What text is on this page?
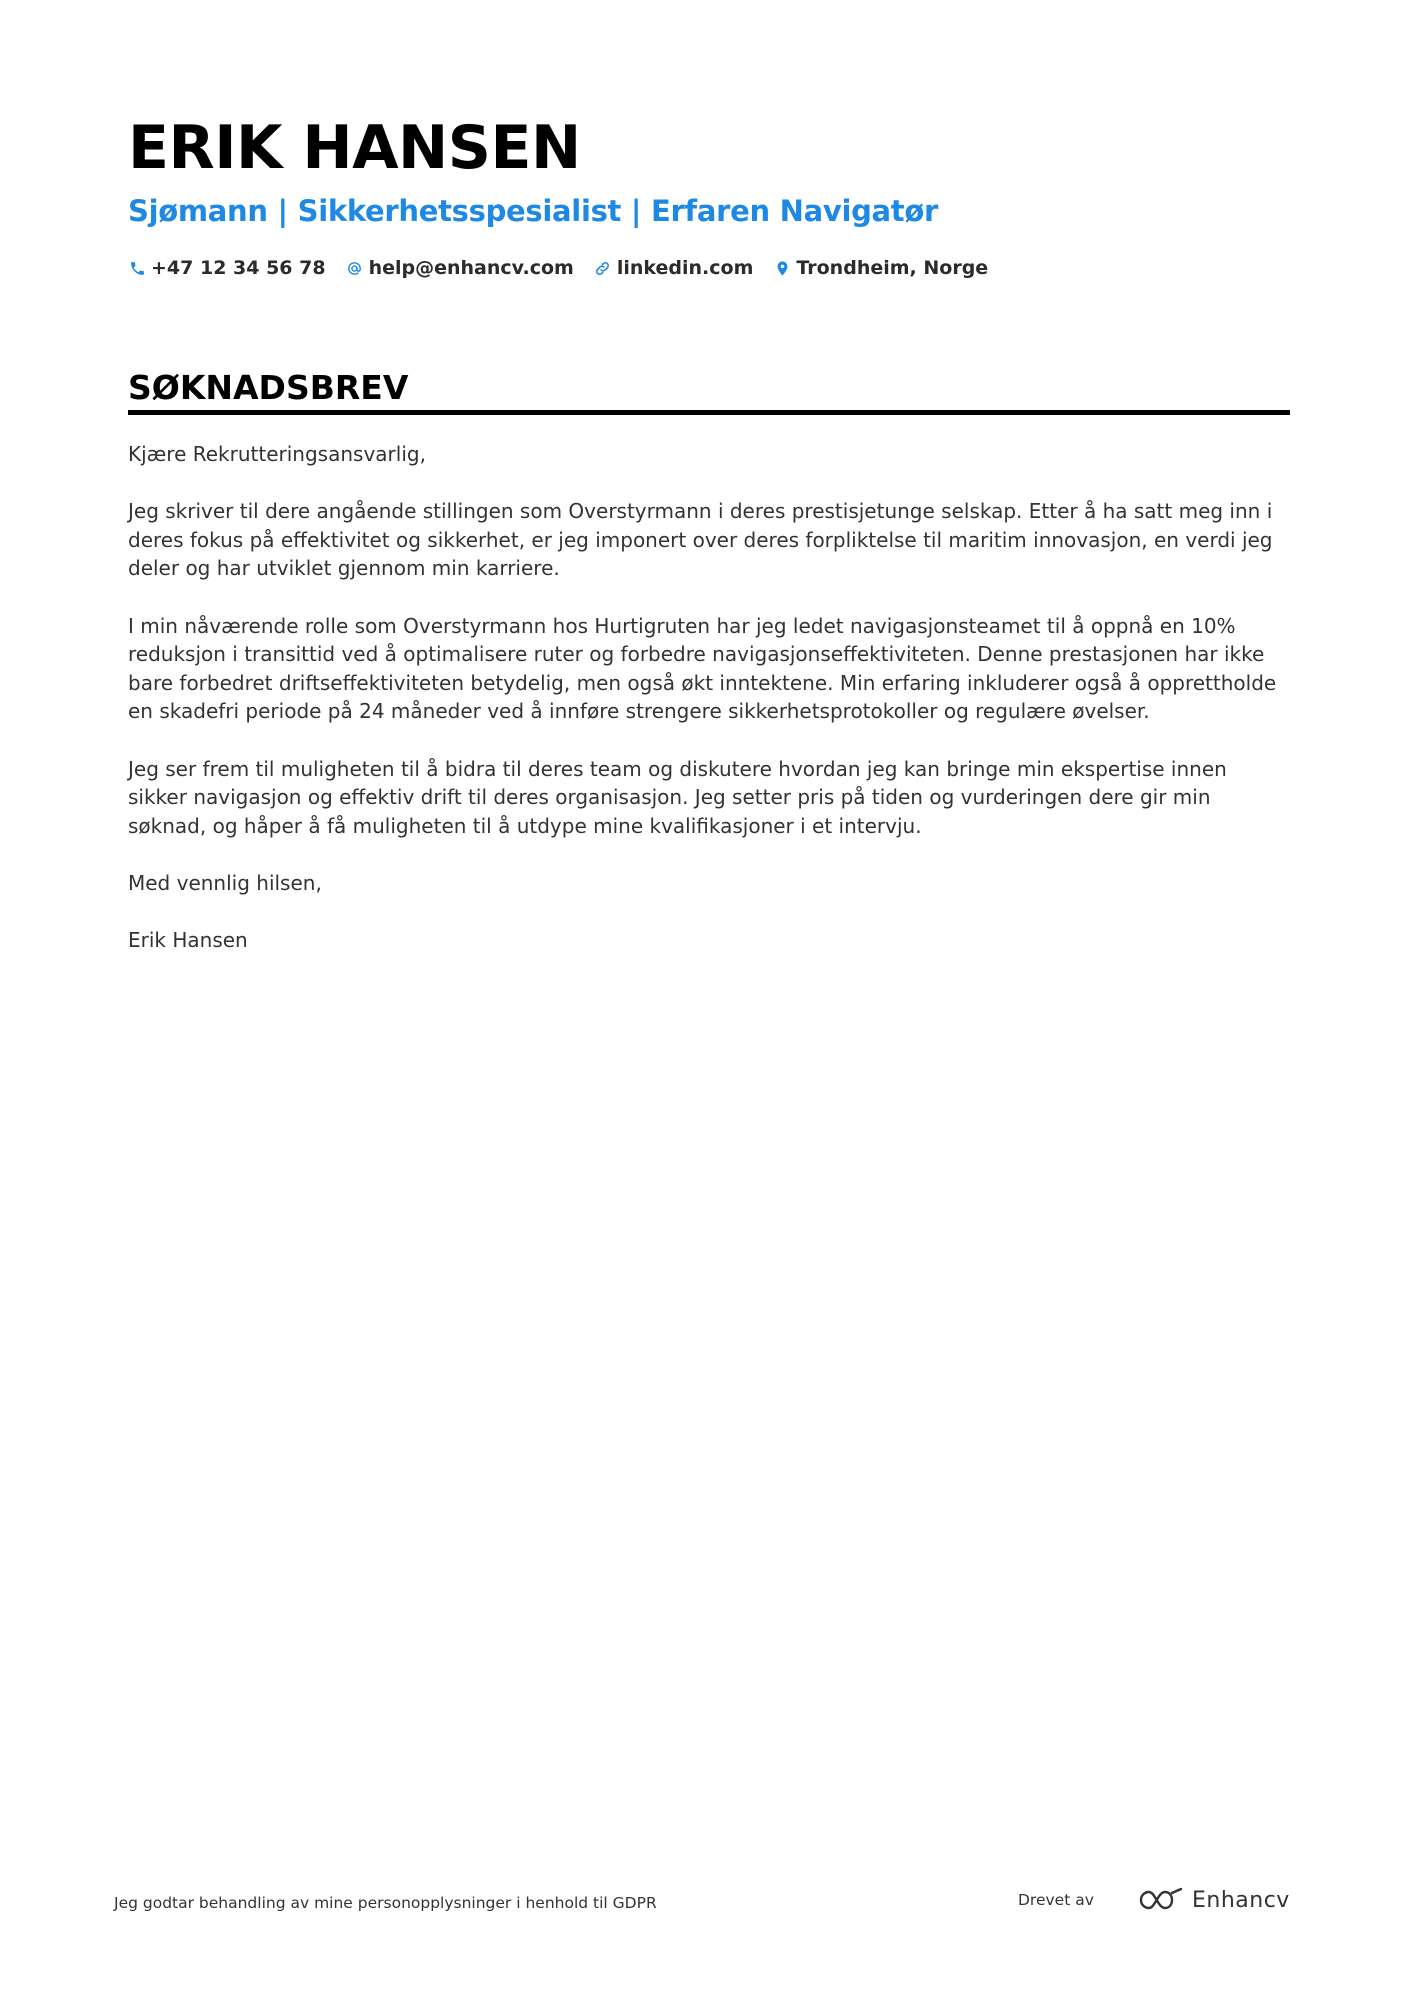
ERIK HANSEN
Sjømann | Sikkerhetsspesialist | Erfaren Navigatør
+47 12 34 56 78 help@enhancv.com linkedin.com Trondheim, Norge
SØKNADSBREV

Kjære Rekrutteringsansvarlig,

Jeg skriver til dere angående stillingen som Overstyrmann i deres prestisjetunge selskap. Etter å ha satt meg inn i deres fokus på effektivitet og sikkerhet, er jeg imponert over deres forpliktelse til maritim innovasjon, en verdi jeg deler og har utviklet gjennom min karriere.

I min nåværende rolle som Overstyrmann hos Hurtigruten har jeg ledet navigasjonsteamet til å oppnå en 10% reduksjon i transittid ved å optimalisere ruter og forbedre navigasjonseffektiviteten. Denne prestasjonen har ikke bare forbedret driftseffektiviteten betydelig, men også økt inntektene. Min erfaring inkluderer også å opprettholde en skadefri periode på 24 måneder ved å innføre strengere sikkerhetsprotokoller og regulære øvelser.

Jeg ser frem til muligheten til å bidra til deres team og diskutere hvordan jeg kan bringe min ekspertise innen sikker navigasjon og effektiv drift til deres organisasjon. Jeg setter pris på tiden og vurderingen dere gir min søknad, og håper å få muligheten til å utdype mine kvalifikasjoner i et intervju.

Med vennlig hilsen,

Erik Hansen

Jeg godtar behandling av mine personopplysninger i henhold til GDPR	Drevet av	Enhancv
